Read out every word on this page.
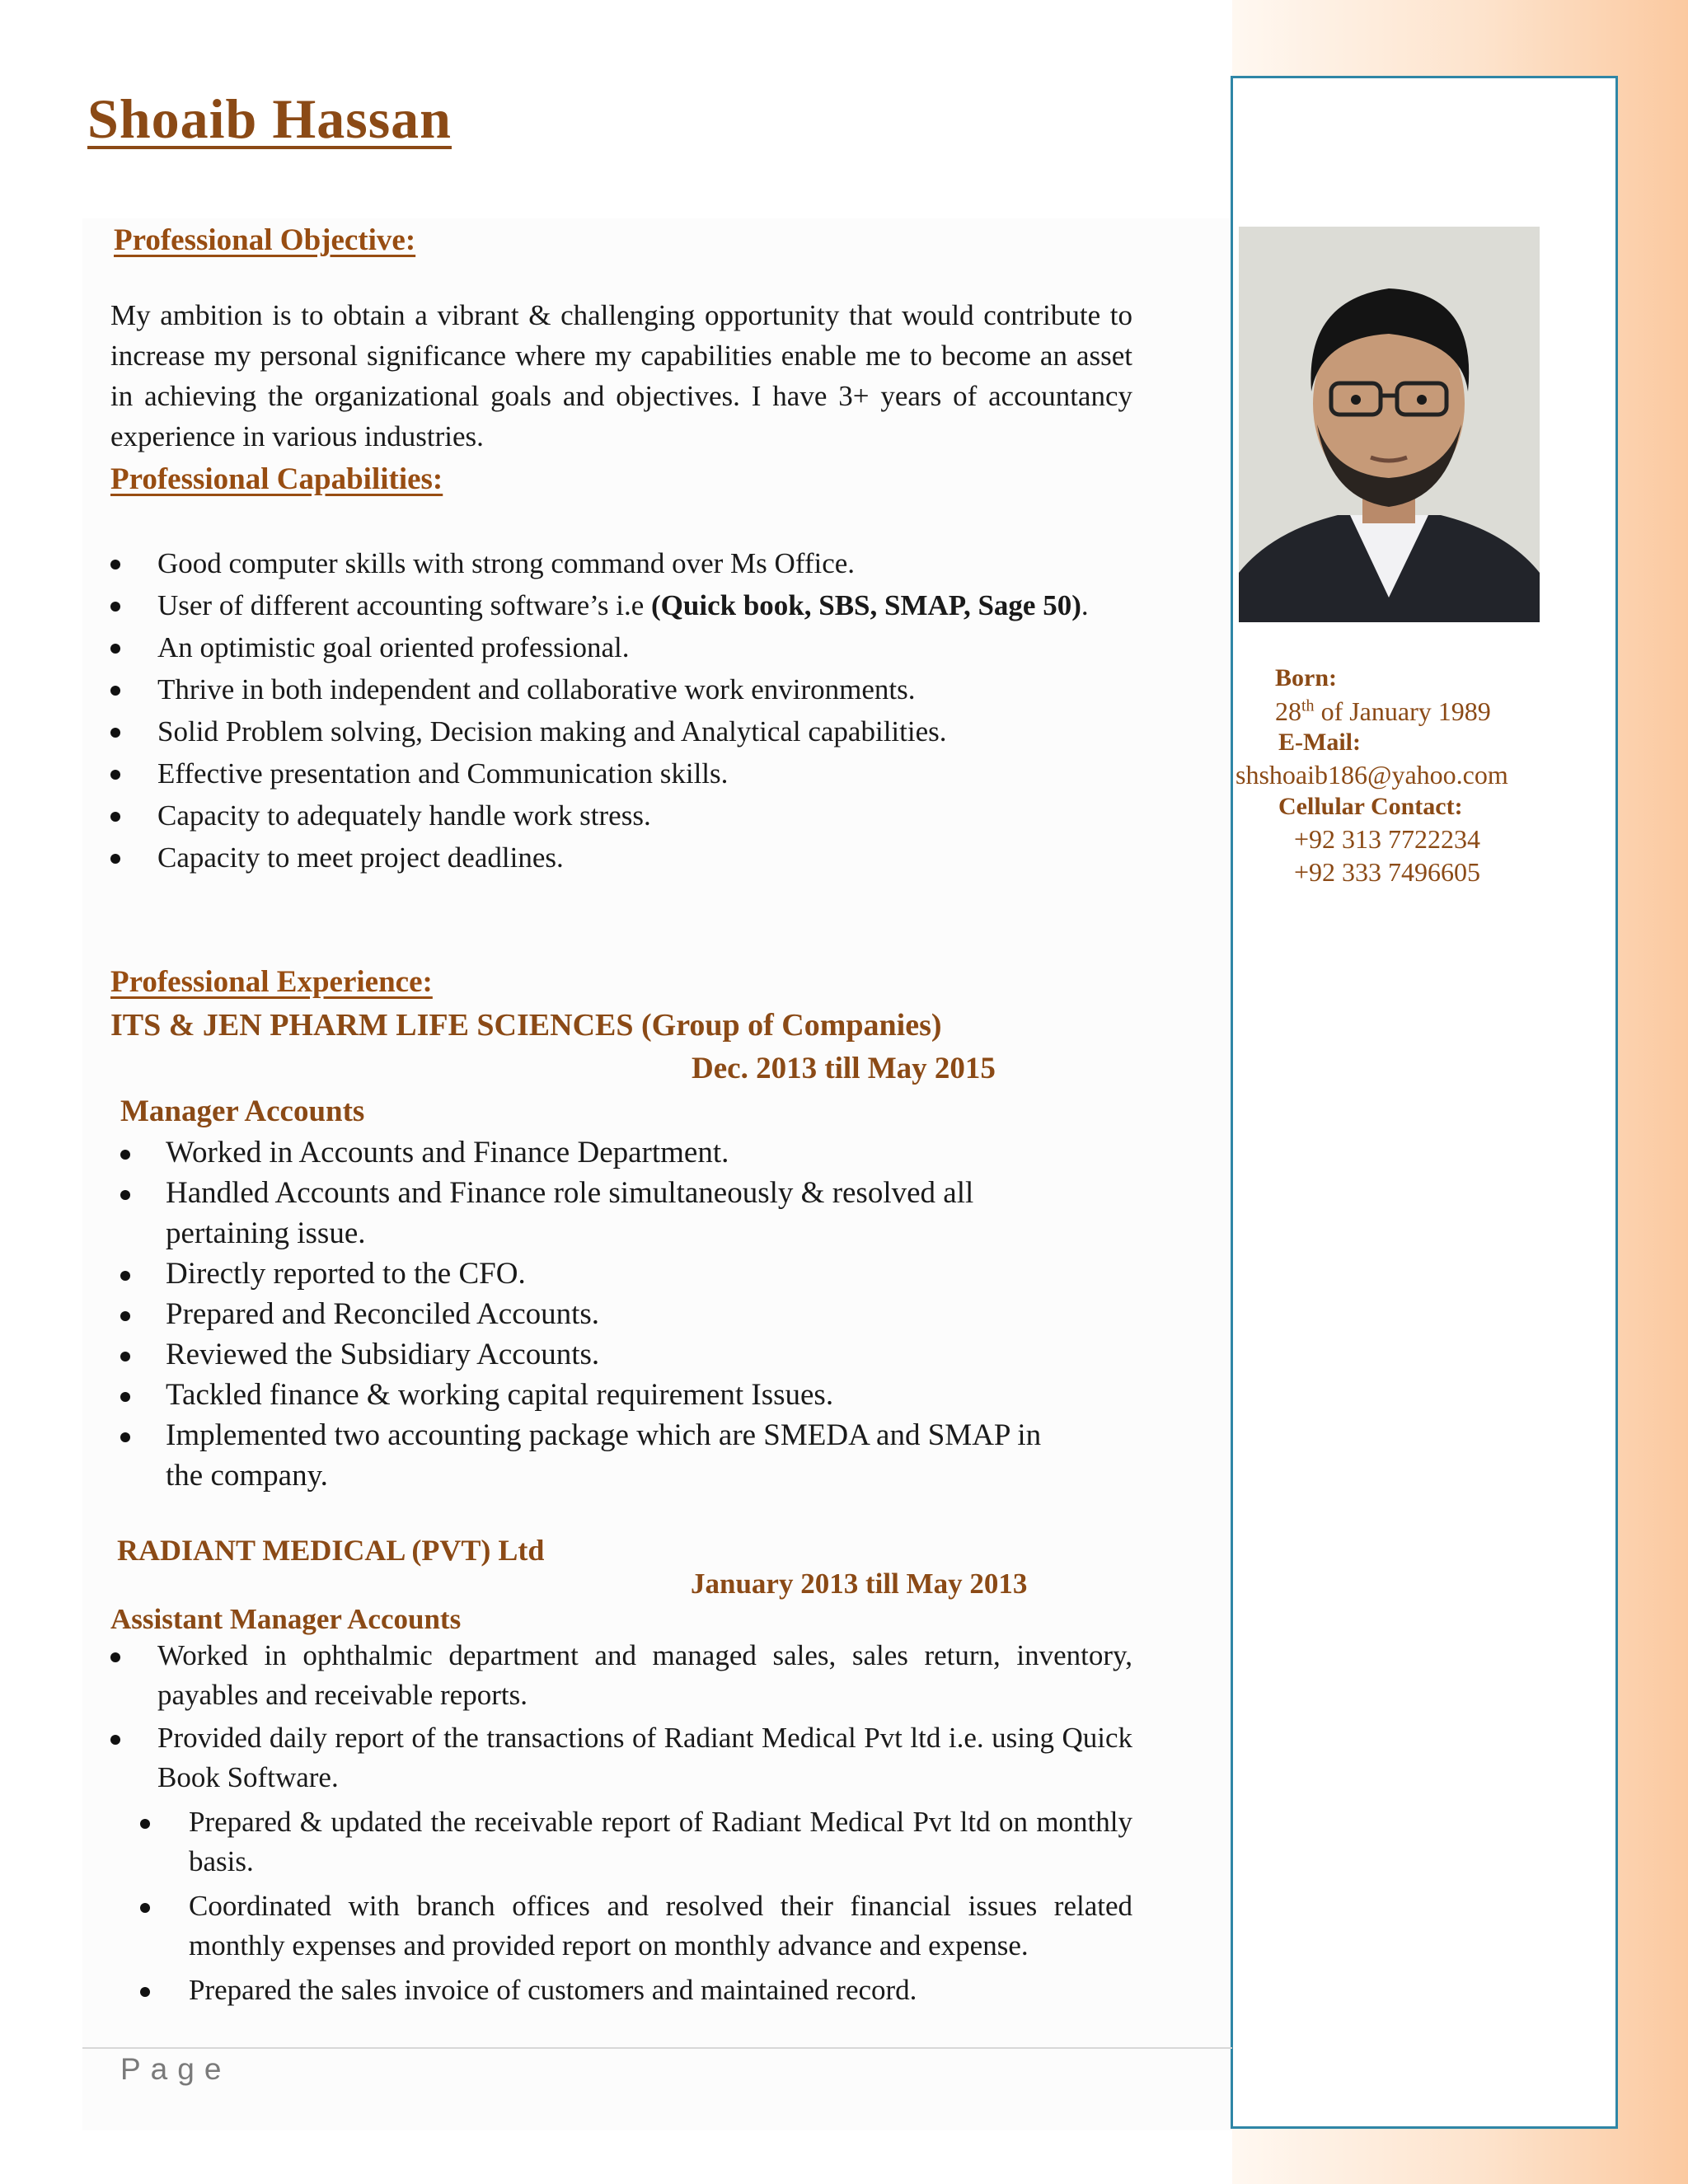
Shoaib Hassan
Professional Objective:

My ambition is to obtain a vibrant & challenging opportunity that would contribute to increase my personal significance where my capabilities enable me to become an asset in achieving the organizational goals and objectives. I have 3+ years of accountancy experience in various industries.

Professional Capabilities:
Good computer skills with strong command over Ms Office.
User of different accounting software’s i.e (Quick book, SBS, SMAP, Sage 50).
An optimistic goal oriented professional.
Thrive in both independent and collaborative work environments.
Solid Problem solving, Decision making and Analytical capabilities.
Effective presentation and Communication skills.
Capacity to adequately handle work stress.
Capacity to meet project deadlines.
Professional Experience:

ITS & JEN PHARM LIFE SCIENCES (Group of Companies)

Dec. 2013 till May 2015

Manager Accounts

Worked in Accounts and Finance Department.
Handled Accounts and Finance role simultaneously & resolved all pertaining issue.
Directly reported to the CFO.
Prepared and Reconciled Accounts.
Reviewed the Subsidiary Accounts.
Tackled finance & working capital requirement Issues.
Implemented two accounting package which are SMEDA and SMAP in the company.

RADIANT MEDICAL (PVT) Ltd

January 2013 till May 2013

Assistant Manager Accounts

Worked in ophthalmic department and managed sales, sales return, inventory, payables and receivable reports.
Provided daily report of the transactions of Radiant Medical Pvt ltd i.e. using Quick Book Software.
Prepared & updated the receivable report of Radiant Medical Pvt ltd on monthly basis.
Coordinated with branch offices and resolved their financial issues related monthly expenses and provided report on monthly advance and expense.
Prepared the sales invoice of customers and maintained record.
Page

Born:

28th of January 1989

E-Mail:

shshoaib186@yahoo.com

Cellular Contact:

+92 313 7722234

+92 333 7496605
